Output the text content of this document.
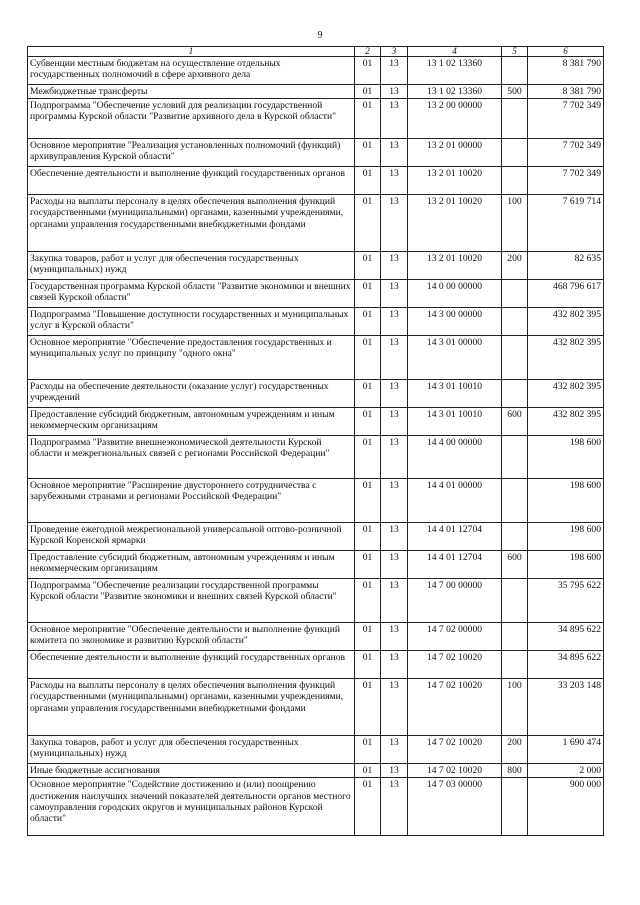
9
1	2	3	4	5	6
Субвенции местным бюджетам на осуществление отдельных государственных полномочий в сфере архивного дела	01	13	13 1 02 13360		8 381 790
Межбюджетные трансферты	01	13	13 1 02 13360	500	8 381 790
Подпрограмма "Обеспечение условий для реализации государственной программы Курской области "Развитие архивного дела в Курской области"	01	13	13 2 00 00000		7 702 349
Основное мероприятие "Реализация установленных полномочий (функций) архивуправления Курской области"	01	13	13 2 01 00000		7 702 349
Обеспечение деятельности и выполнение функций государственных органов	01	13	13 2 01 10020		7 702 349
Расходы на выплаты персоналу в целях обеспечения выполнения функций государственными (муниципальными) органами, казенными учреждениями, органами управления государственными внебюджетными фондами	01	13	13 2 01 10020	100	7 619 714
Закупка товаров, работ и услуг для обеспечения государственных (муниципальных) нужд	01	13	13 2 01 10020	200	82 635
Государственная программа Курской области "Развитие экономики и внешних связей Курской области"	01	13	14 0 00 00000		468 796 617
Подпрограмма "Повышение доступности государственных и муниципальных услуг в Курской области"	01	13	14 3 00 00000		432 802 395
Основное мероприятие "Обеспечение предоставления государственных и муниципальных услуг по принципу "одного окна"	01	13	14 3 01 00000		432 802 395
Расходы на обеспечение деятельности (оказание услуг) государственных учреждений	01	13	14 3 01 10010		432 802 395
Предоставление субсидий бюджетным, автономным учреждениям и иным некоммерческим организациям	01	13	14 3 01 10010	600	432 802 395
Подпрограмма "Развитие внешнеэкономической деятельности Курской области и межрегиональных связей с регионами Российской Федерации"	01	13	14 4 00 00000		198 600
Основное мероприятие "Расширение двустороннего сотрудничества с зарубежными странами и регионами Российской Федерации"	01	13	14 4 01 00000		198 600
Проведение ежегодной межрегиональной универсальной оптово-розничной Курской Коренской ярмарки	01	13	14 4 01 12704		198 600
Предоставление субсидий бюджетным, автономным учреждениям и иным некоммерческим организациям	01	13	14 4 01 12704	600	198 600
Подпрограмма "Обеспечение реализации государственной программы Курской области "Развитие экономики и внешних связей Курской области"	01	13	14 7 00 00000		35 795 622
Основное мероприятие "Обеспечение деятельности и выполнение функций комитета по экономике и развитию Курской области"	01	13	14 7 02 00000		34 895 622
Обеспечение деятельности и выполнение функций государственных органов	01	13	14 7 02 10020		34 895 622
Расходы на выплаты персоналу в целях обеспечения выполнения функций государственными (муниципальными) органами, казенными учреждениями, органами управления государственными внебюджетными фондами	01	13	14 7 02 10020	100	33 203 148
Закупка товаров, работ и услуг для обеспечения государственных (муниципальных) нужд	01	13	14 7 02 10020	200	1 690 474
Иные бюджетные ассигнования	01	13	14 7 02 10020	800	2 000
Основное мероприятие "Содействие достижению и (или) поощрению достижения наилучших значений показателей деятельности органов местного самоуправления городских округов и муниципальных районов Курской области"	01	13	14 7 03 00000		900 000
